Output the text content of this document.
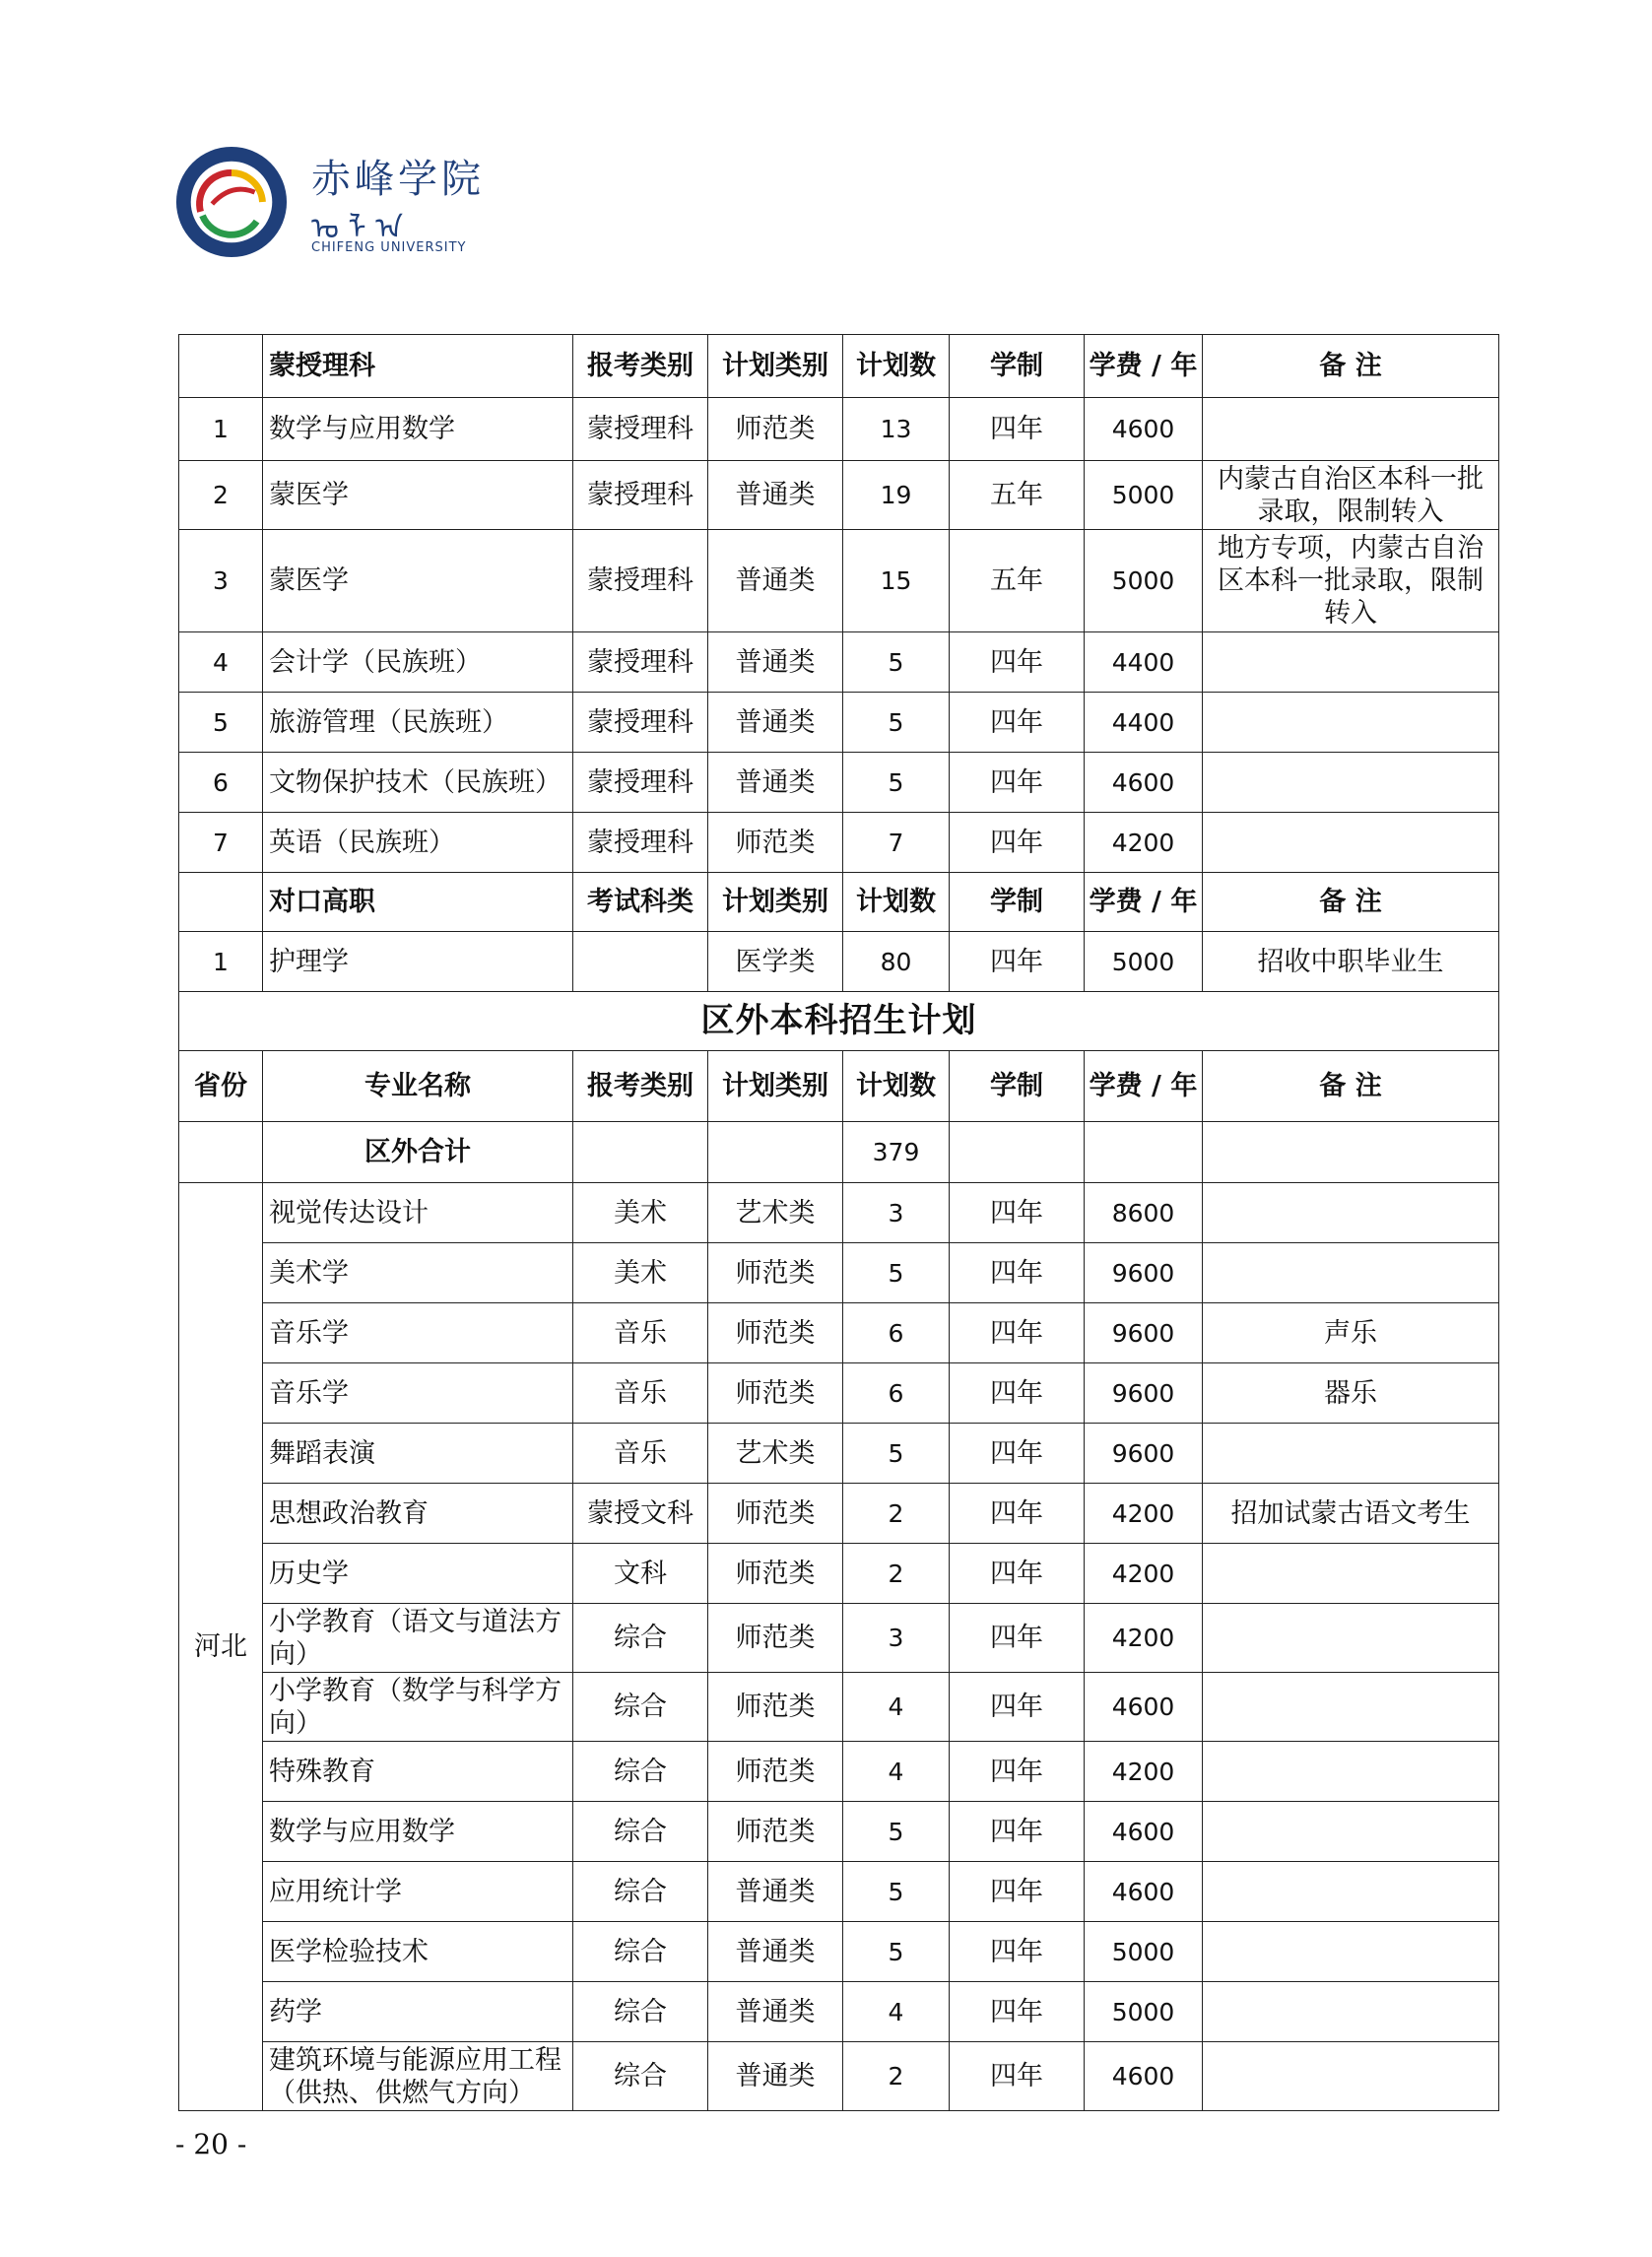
赤峰学院
ᠤ ᠯ ᠠ
CHIFENG UNIVERSITY
	蒙授理科	报考类别	计划类别	计划数	学制	学费 / 年	备 注
1	数学与应用数学	蒙授理科	师范类	13	四年	4600	
2	蒙医学	蒙授理科	普通类	19	五年	5000	内蒙古自治区本科一批录取，限制转入
3	蒙医学	蒙授理科	普通类	15	五年	5000	地方专项，内蒙古自治区本科一批录取，限制转入
4	会计学（民族班）	蒙授理科	普通类	5	四年	4400	
5	旅游管理（民族班）	蒙授理科	普通类	5	四年	4400	
6	文物保护技术（民族班）	蒙授理科	普通类	5	四年	4600	
7	英语（民族班）	蒙授理科	师范类	7	四年	4200	
	对口高职	考试科类	计划类别	计划数	学制	学费 / 年	备 注
1	护理学		医学类	80	四年	5000	招收中职毕业生
区外本科招生计划							
省份	专业名称	报考类别	计划类别	计划数	学制	学费 / 年	备 注
	区外合计			379			
河北	视觉传达设计	美术	艺术类	3	四年	8600	
	美术学	美术	师范类	5	四年	9600	
	音乐学	音乐	师范类	6	四年	9600	声乐
	音乐学	音乐	师范类	6	四年	9600	器乐
	舞蹈表演	音乐	艺术类	5	四年	9600	
	思想政治教育	蒙授文科	师范类	2	四年	4200	招加试蒙古语文考生
	历史学	文科	师范类	2	四年	4200	
	小学教育（语文与道法方向）	综合	师范类	3	四年	4200	
	小学教育（数学与科学方向）	综合	师范类	4	四年	4600	
	特殊教育	综合	师范类	4	四年	4200	
	数学与应用数学	综合	师范类	5	四年	4600	
	应用统计学	综合	普通类	5	四年	4600	
	医学检验技术	综合	普通类	5	四年	5000	
	药学	综合	普通类	4	四年	5000	
	建筑环境与能源应用工程（供热、供燃气方向）	综合	普通类	2	四年	4600	
- 20 -
